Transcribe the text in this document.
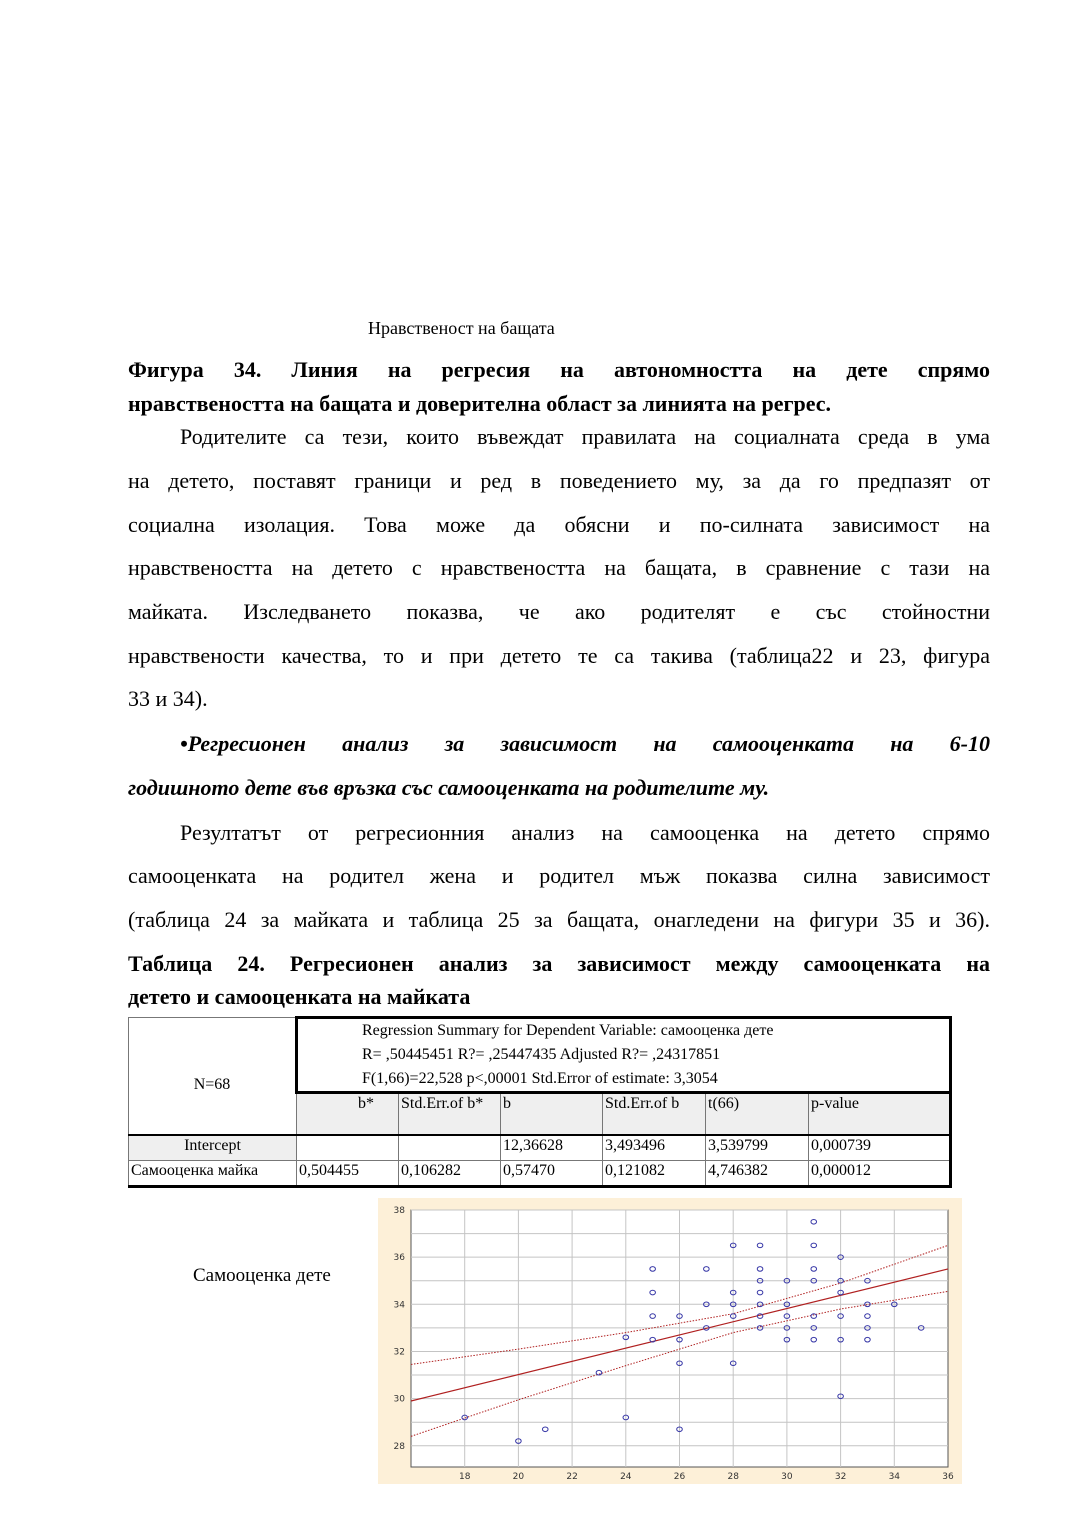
Нравственост на бащата
Фигура 34. Линия на регресия на автономността на дете спрямо
нравствеността на бащата и доверителна област за линията на регрес.
Родителите са тези, които въвеждат правилата на социалната среда в ума
на детето, поставят граници и ред в поведението му, за да го предпазят от
социална изолация. Това може да обясни и по-силната зависимост на
нравствеността на детето с нравствеността на бащата, в сравнение с тази на
майката. Изследването показва, че ако родителят е със стойностни
нравствености качества, то и при детето те са такива (таблица22 и 23, фигура
33 и 34).
•Регресионен анализ за зависимост на самооценката на 6-10
годишното дете във връзка със самооценката на родителите му.
Резултатът от регресионния анализ на самооценка на детето спрямо
самооценката на родител жена и родител мъж показва силна зависимост
(таблица 24 за майката и таблица 25 за бащата, онагледени на фигури 35 и 36).
Таблица 24. Регресионен анализ за зависимост между самооценката на
детето и самооценката на майката
N=68	Regression Summary for Dependent Variable: самооценка дете
R= ,50445451 R?= ,25447435 Adjusted R?= ,24317851
F(1,66)=22,528 p<,00001 Std.Error of estimate: 3,3054					

	b*	Std.Err.of b*	b	Std.Err.of b	t(66)	p-value
Intercept			12,36628	3,493496	3,539799	0,000739
Самооценка майка	0,504455	0,106282	0,57470	0,121082	4,746382	0,000012
Самооценка дете
18	20	22	24	26	28	30	32	34	36
28
30
32
34
36
38
